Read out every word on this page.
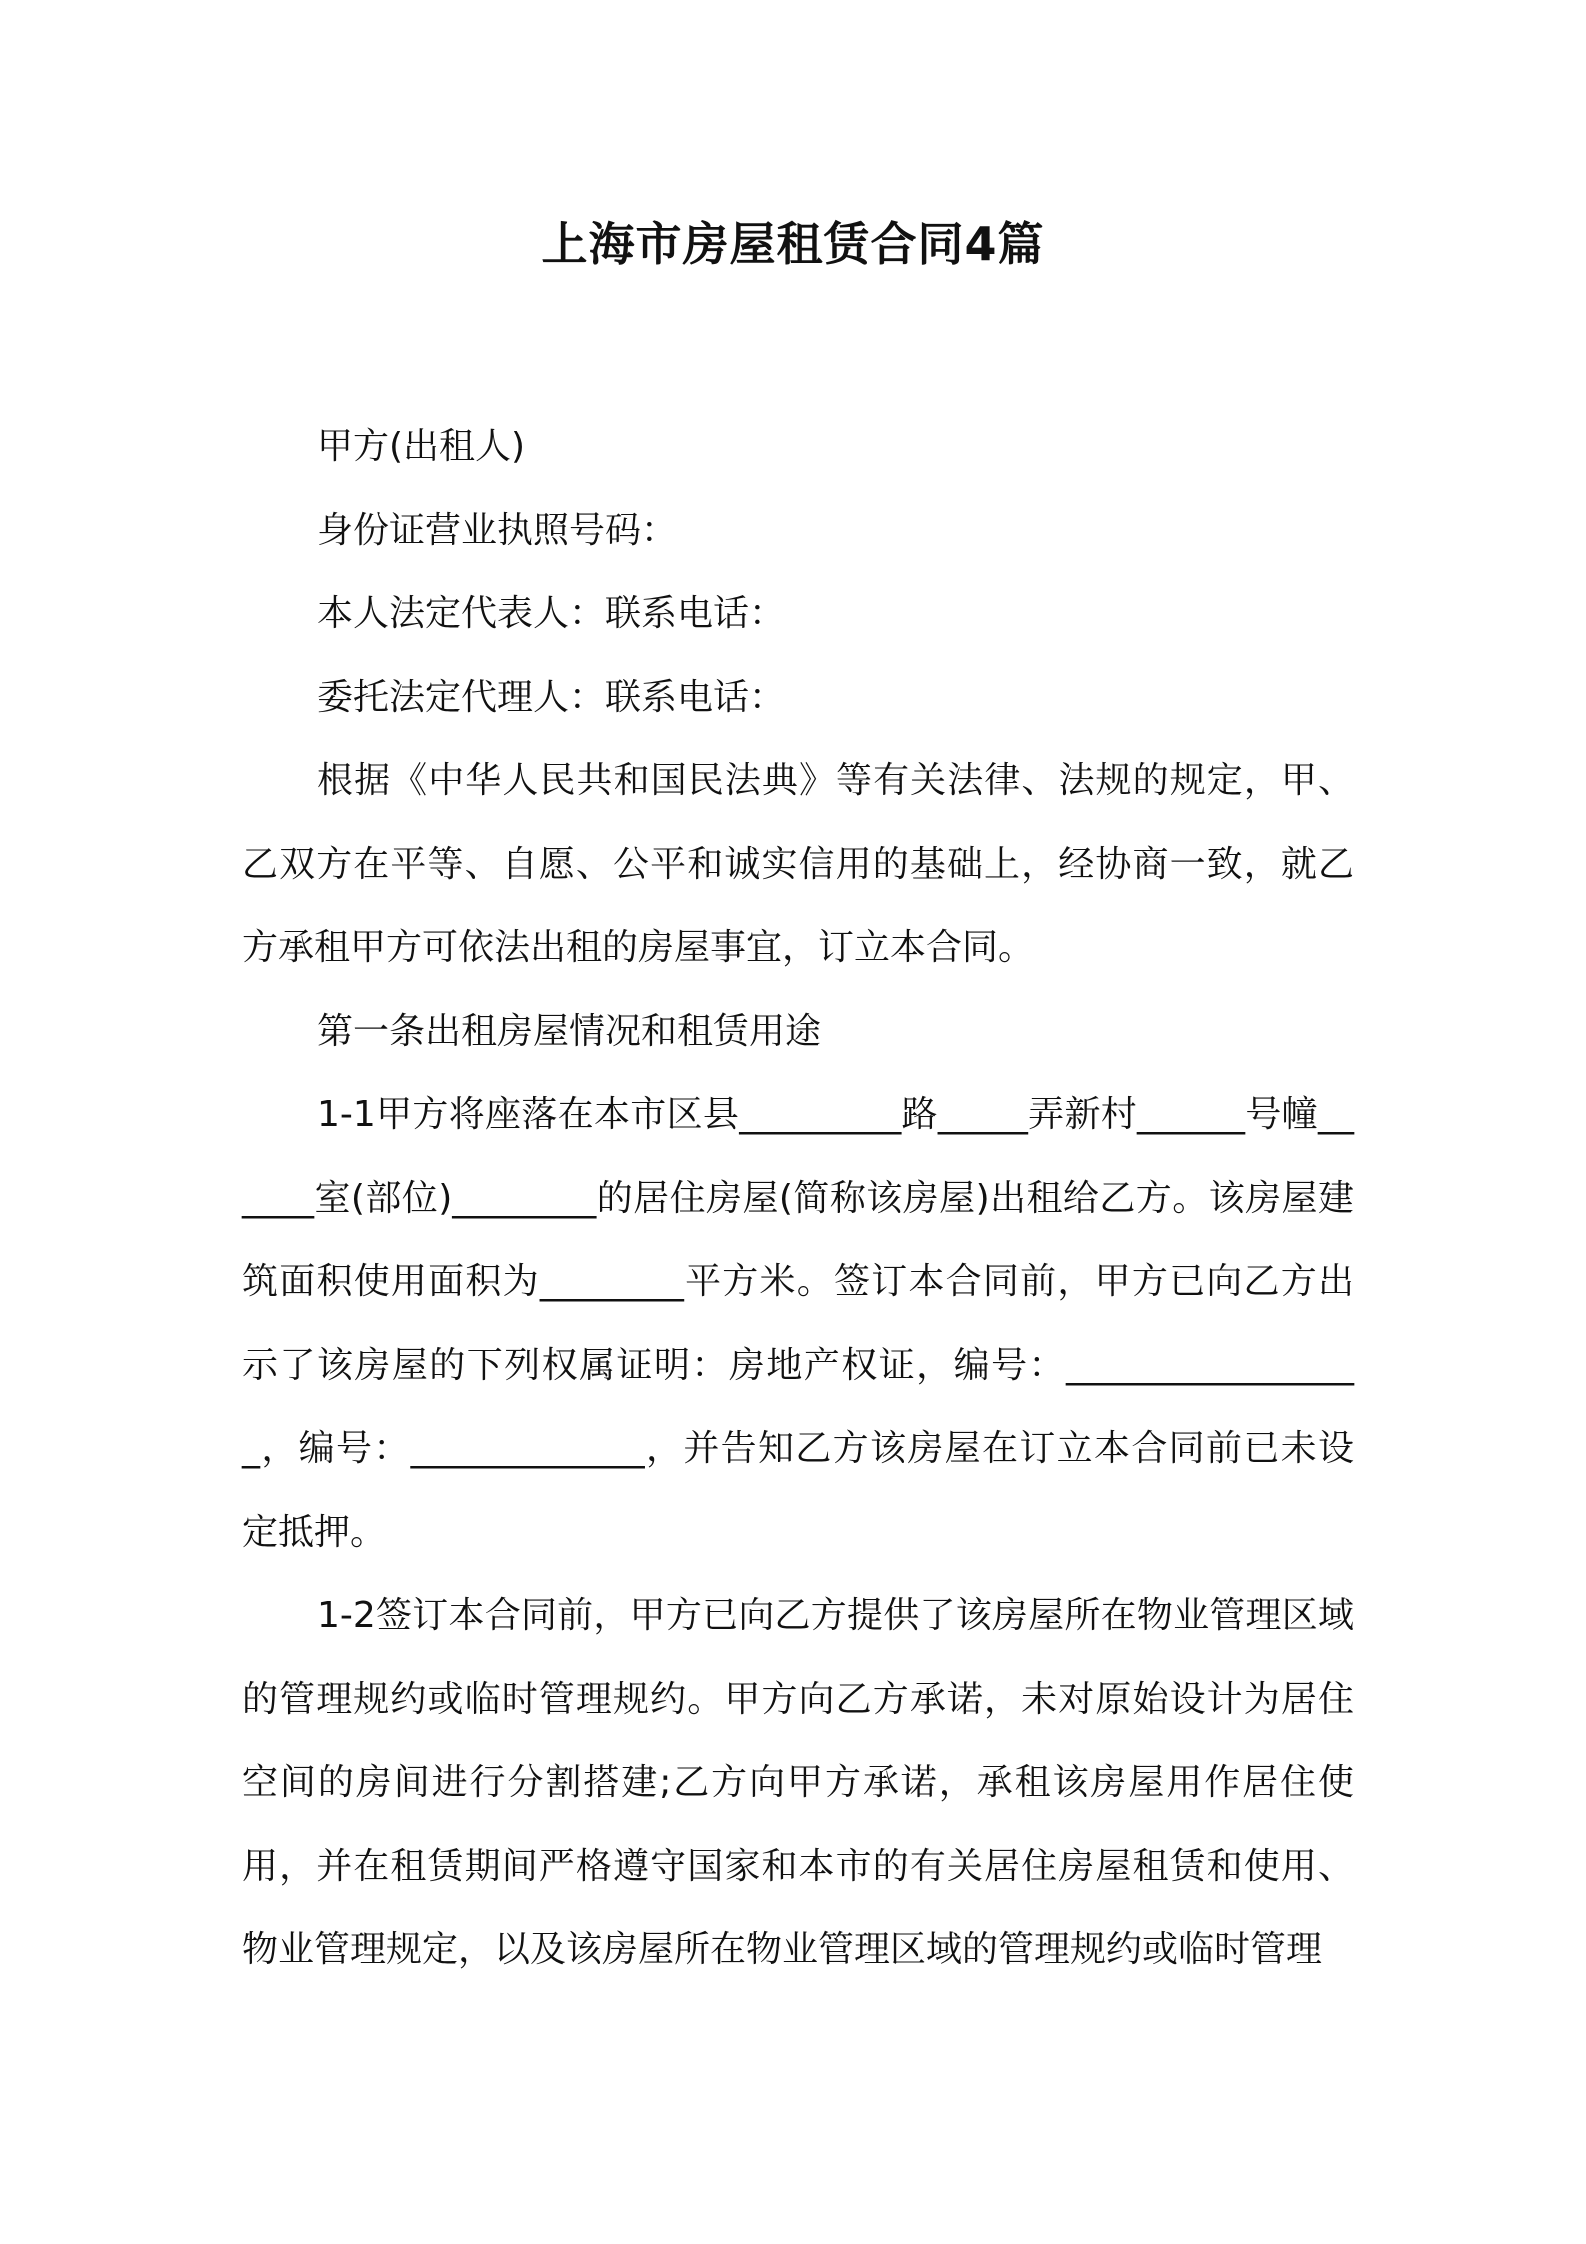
上海市房屋租赁合同4篇

甲方(出租人)

身份证营业执照号码：

本人法定代表人：联系电话：

委托法定代理人：联系电话：

根据《中华人民共和国民法典》等有关法律、法规的规定，甲、乙双方在平等、自愿、公平和诚实信用的基础上，经协商一致，就乙方承租甲方可依法出租的房屋事宜，订立本合同。

第一条出租房屋情况和租赁用途

1-1甲方将座落在本市区县_________路_____弄新村______号幢______室(部位)________的居住房屋(简称该房屋)出租给乙方。该房屋建筑面积使用面积为________平方米。签订本合同前，甲方已向乙方出示了该房屋的下列权属证明：房地产权证，编号：_________________，编号：_____________，并告知乙方该房屋在订立本合同前已未设定抵押。

1-2签订本合同前，甲方已向乙方提供了该房屋所在物业管理区域的管理规约或临时管理规约。甲方向乙方承诺，未对原始设计为居住空间的房间进行分割搭建;乙方向甲方承诺，承租该房屋用作居住使用，并在租赁期间严格遵守国家和本市的有关居住房屋租赁和使用、物业管理规定，以及该房屋所在物业管理区域的管理规约或临时管理
